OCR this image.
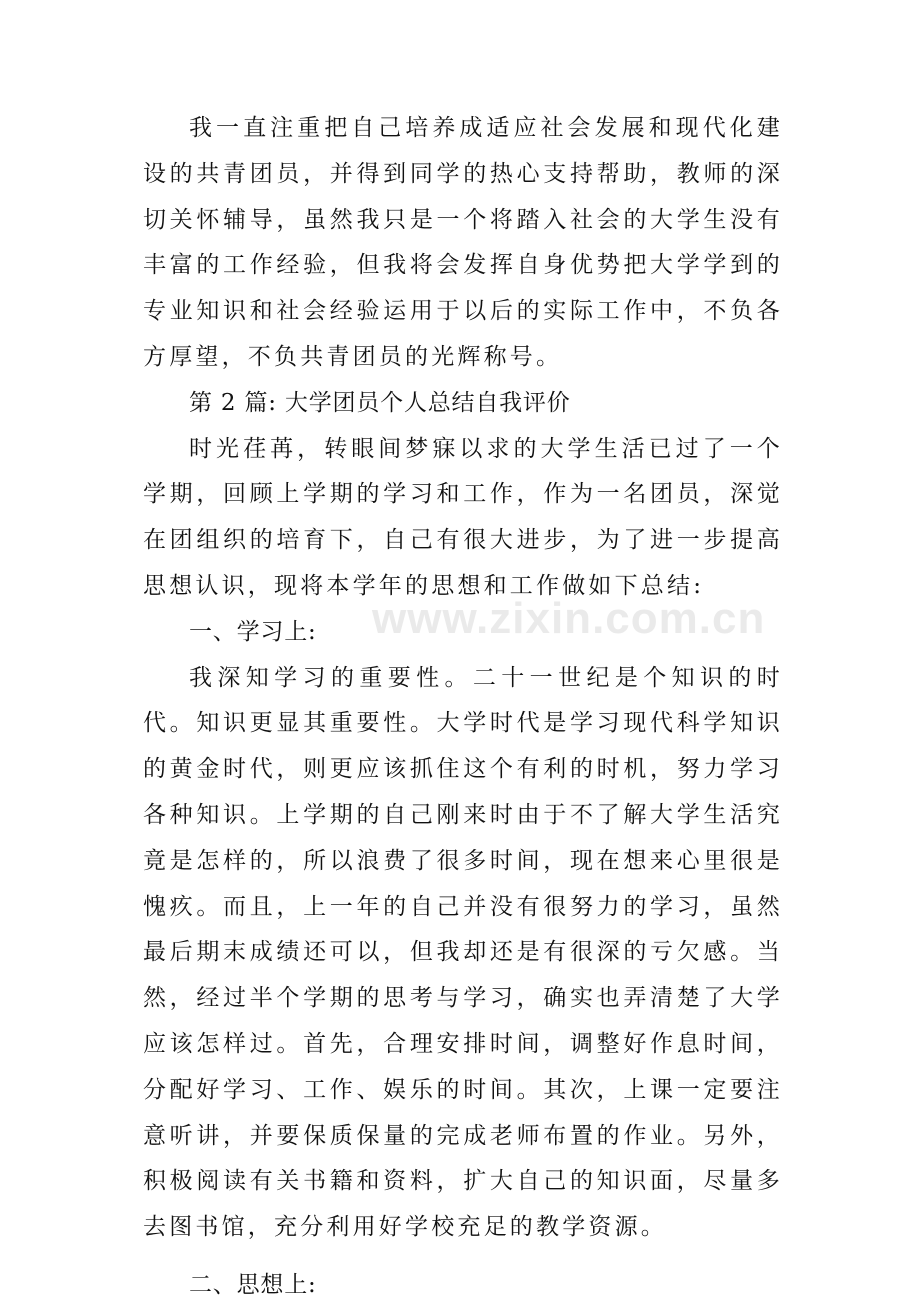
我一直注重把自己培养成适应社会发展和现代化建设的共青团员，并得到同学的热心支持帮助，教师的深切关怀辅导，虽然我只是一个将踏入社会的大学生没有丰富的工作经验，但我将会发挥自身优势把大学学到的专业知识和社会经验运用于以后的实际工作中，不负各方厚望，不负共青团员的光辉称号。

第 2 篇: 大学团员个人总结自我评价

时光荏苒，转眼间梦寐以求的大学生活已过了一个学期，回顾上学期的学习和工作，作为一名团员，深觉在团组织的培育下，自己有很大进步，为了进一步提高思想认识，现将本学年的思想和工作做如下总结:

一、学习上:

我深知学习的重要性。二十一世纪是个知识的时代。知识更显其重要性。大学时代是学习现代科学知识的黄金时代，则更应该抓住这个有利的时机，努力学习各种知识。上学期的自己刚来时由于不了解大学生活究竟是怎样的，所以浪费了很多时间，现在想来心里很是愧疚。而且，上一年的自己并没有很努力的学习，虽然最后期末成绩还可以，但我却还是有很深的亏欠感。当然，经过半个学期的思考与学习，确实也弄清楚了大学应该怎样过。首先，合理安排时间，调整好作息时间，分配好学习、工作、娱乐的时间。其次，上课一定要注意听讲，并要保质保量的完成老师布置的作业。另外，积极阅读有关书籍和资料，扩大自己的知识面，尽量多去图书馆，充分利用好学校充足的教学资源。

二、思想上:

www.zixin.com.cn
